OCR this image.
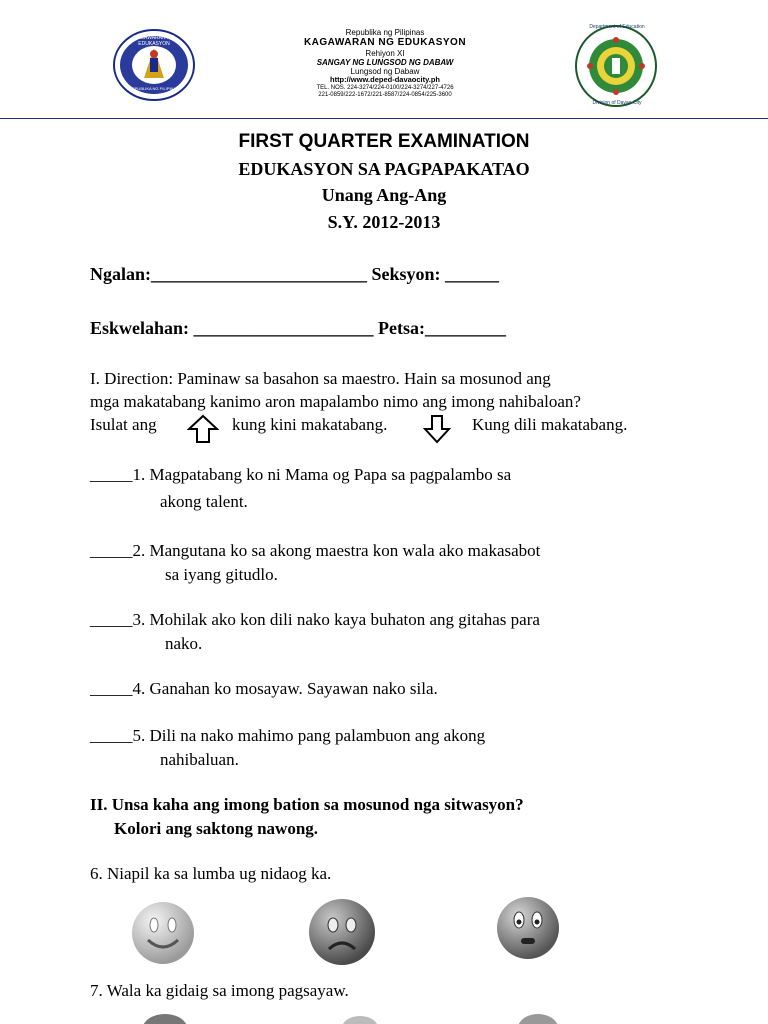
KAGAWARAN NG EDUKASYON
REPUBLIKA NG PILIPINAS
Department of Education
Division of Davao City
Republika ng Pilipinas
KAGAWARAN NG EDUKASYON
Rehiyon XI
SANGAY NG LUNGSOD NG DABAW
Lungsod ng Dabaw
http://www.deped-davaocity.ph
TEL. NOS. 224-3274/224-0100/224-3274/227-4726
221-0859/222-1672/221-8587/224-0854/225-3600
FIRST QUARTER EXAMINATION
EDUKASYON SA PAGPAPAKATAO
Unang Ang-Ang
S.Y. 2012-2013
Ngalan:________________________ Seksyon: ______
Eskwelahan: ____________________ Petsa:_________
I. Direction: Paminaw sa basahon sa maestro. Hain sa mosunod ang
mga makatabang kanimo aron mapalambo nimo ang imong nahibaloan?
Isulat ang	kung kini makatabang.	Kung dili makatabang.
_____1. Magpatabang ko ni Mama og Papa sa pagpalambo sa
akong talent.
_____2. Mangutana ko sa akong maestra kon wala ako makasabot
sa iyang gitudlo.
_____3. Mohilak ako kon dili nako kaya buhaton ang gitahas para
nako.
_____4. Ganahan ko mosayaw. Sayawan nako sila.
_____5. Dili na nako mahimo pang palambuon ang akong
nahibaluan.
II. Unsa kaha ang imong bation sa mosunod nga sitwasyon?
Kolori ang saktong nawong.
6. Niapil ka sa lumba ug nidaog ka.
7. Wala ka gidaig sa imong pagsayaw.
